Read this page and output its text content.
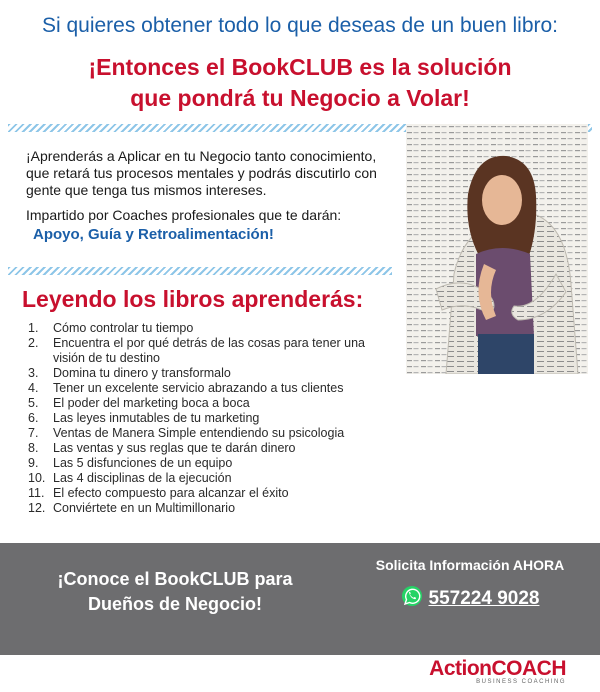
Si quieres obtener todo lo que deseas de un buen libro:
¡Entonces el BookCLUB es la solución
que pondrá tu Negocio a Volar!

¡Aprenderás a Aplicar en tu Negocio tanto conocimiento, que retará tus procesos mentales y podrás discutirlo con gente que tenga tus mismos intereses.

Impartido por Coaches profesionales que te darán:

Apoyo, Guía y Retroalimentación!
Leyendo los libros aprenderás:
1.	Cómo controlar tu tiempo
2.	Encuentra el por qué detrás de las cosas para tener una visión de tu destino
3.	Domina tu dinero y transformalo
4.	Tener un excelente servicio abrazando a tus clientes
5.	El poder del marketing boca a boca
6.	Las leyes inmutables de tu marketing
7.	Ventas de Manera Simple entendiendo su psicologia
8.	Las ventas y sus reglas que te darán dinero
9.	Las 5 disfunciones de un equipo
10. Las 4 disciplinas de la ejecución
11. El efecto compuesto para alcanzar el éxito
12. Conviértete en un Multimillonario
¡Conoce el BookCLUB para
Dueños de Negocio!
Solicita Información AHORA
557224 9028
ActionCOACH
BUSINESS COACHING
